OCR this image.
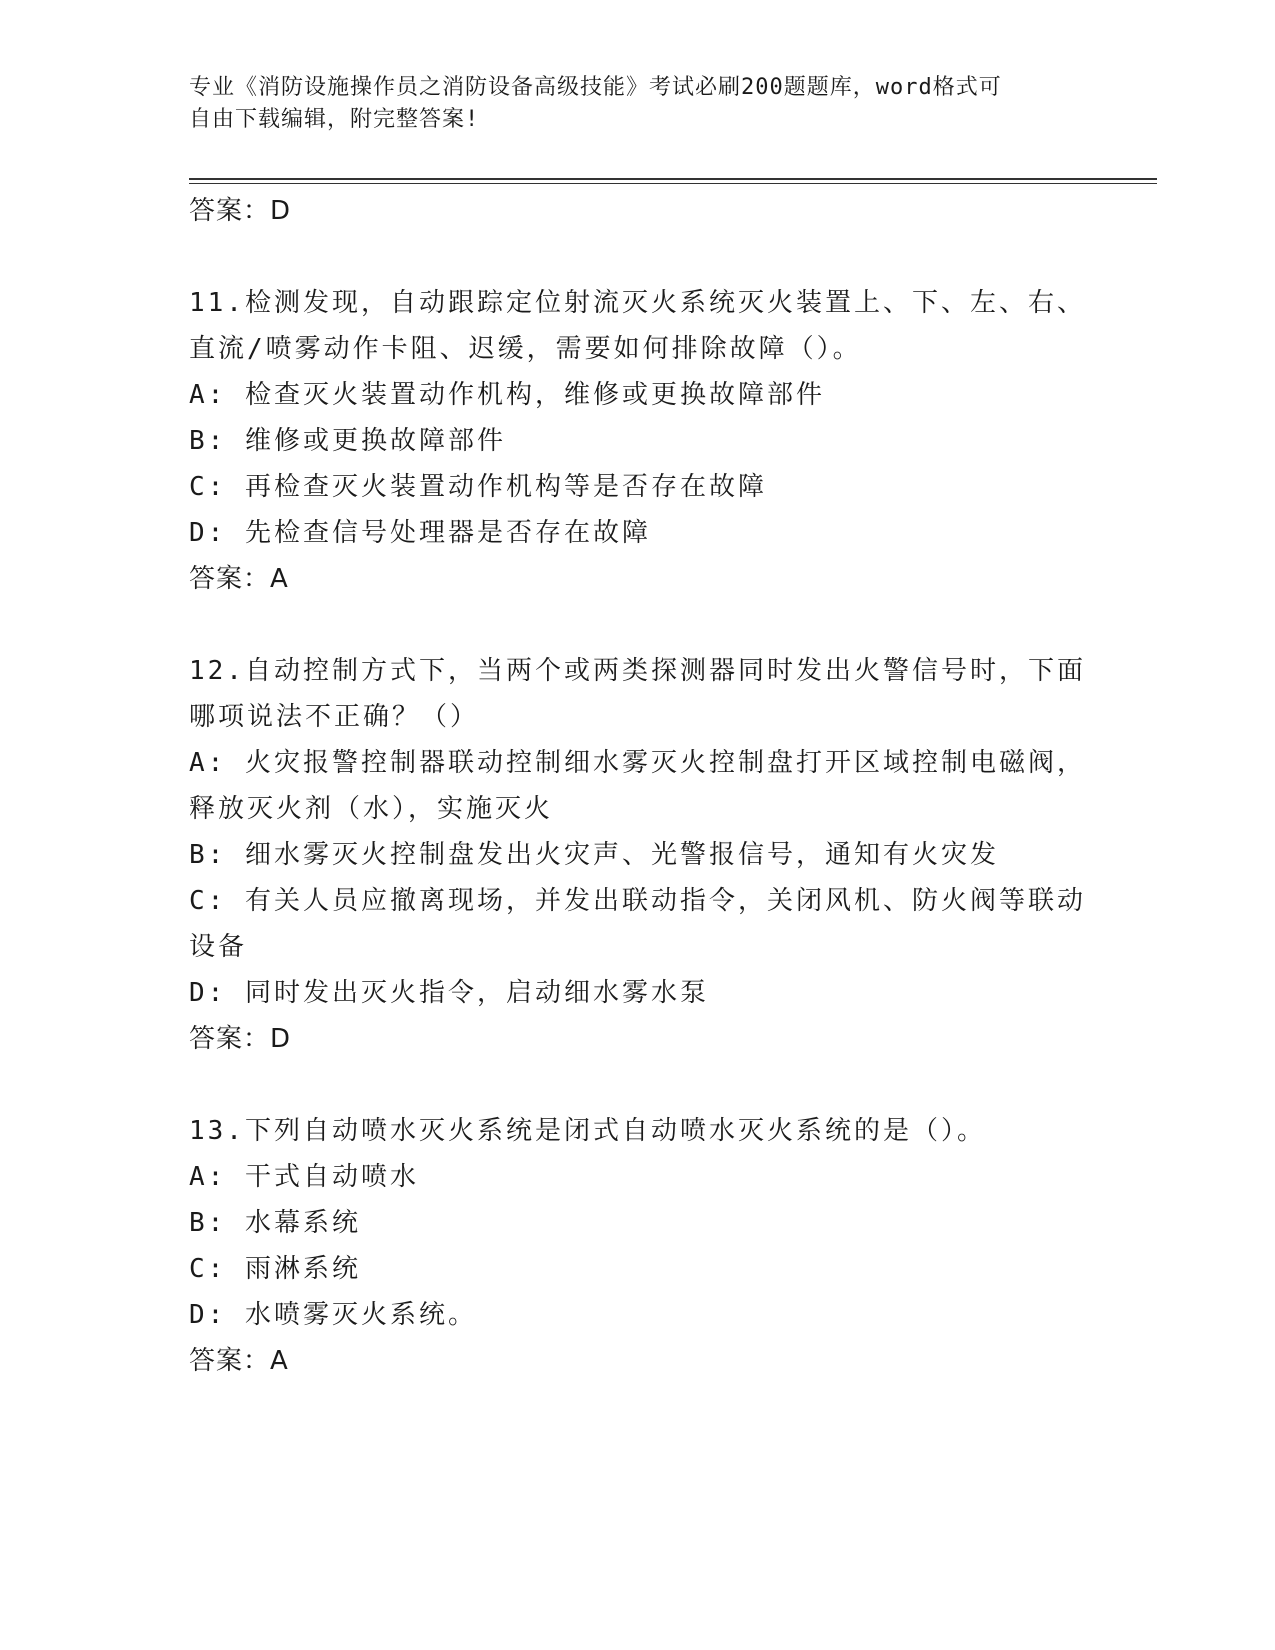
专业《消防设施操作员之消防设备高级技能》考试必刷200题题库，word格式可
自由下载编辑，附完整答案!
答案：D
11.检测发现，自动跟踪定位射流灭火系统灭火装置上、下、左、右、
直流/喷雾动作卡阻、迟缓，需要如何排除故障（）。
A: 检查灭火装置动作机构，维修或更换故障部件
B: 维修或更换故障部件
C: 再检查灭火装置动作机构等是否存在故障
D: 先检查信号处理器是否存在故障
答案：A
12.自动控制方式下，当两个或两类探测器同时发出火警信号时，下面
哪项说法不正确？（）
A: 火灾报警控制器联动控制细水雾灭火控制盘打开区域控制电磁阀，
释放灭火剂（水），实施灭火
B: 细水雾灭火控制盘发出火灾声、光警报信号，通知有火灾发
C: 有关人员应撤离现场，并发出联动指令，关闭风机、防火阀等联动
设备
D: 同时发出灭火指令，启动细水雾水泵
答案：D
13.下列自动喷水灭火系统是闭式自动喷水灭火系统的是（）。
A: 干式自动喷水
B: 水幕系统
C: 雨淋系统
D: 水喷雾灭火系统。
答案：A
